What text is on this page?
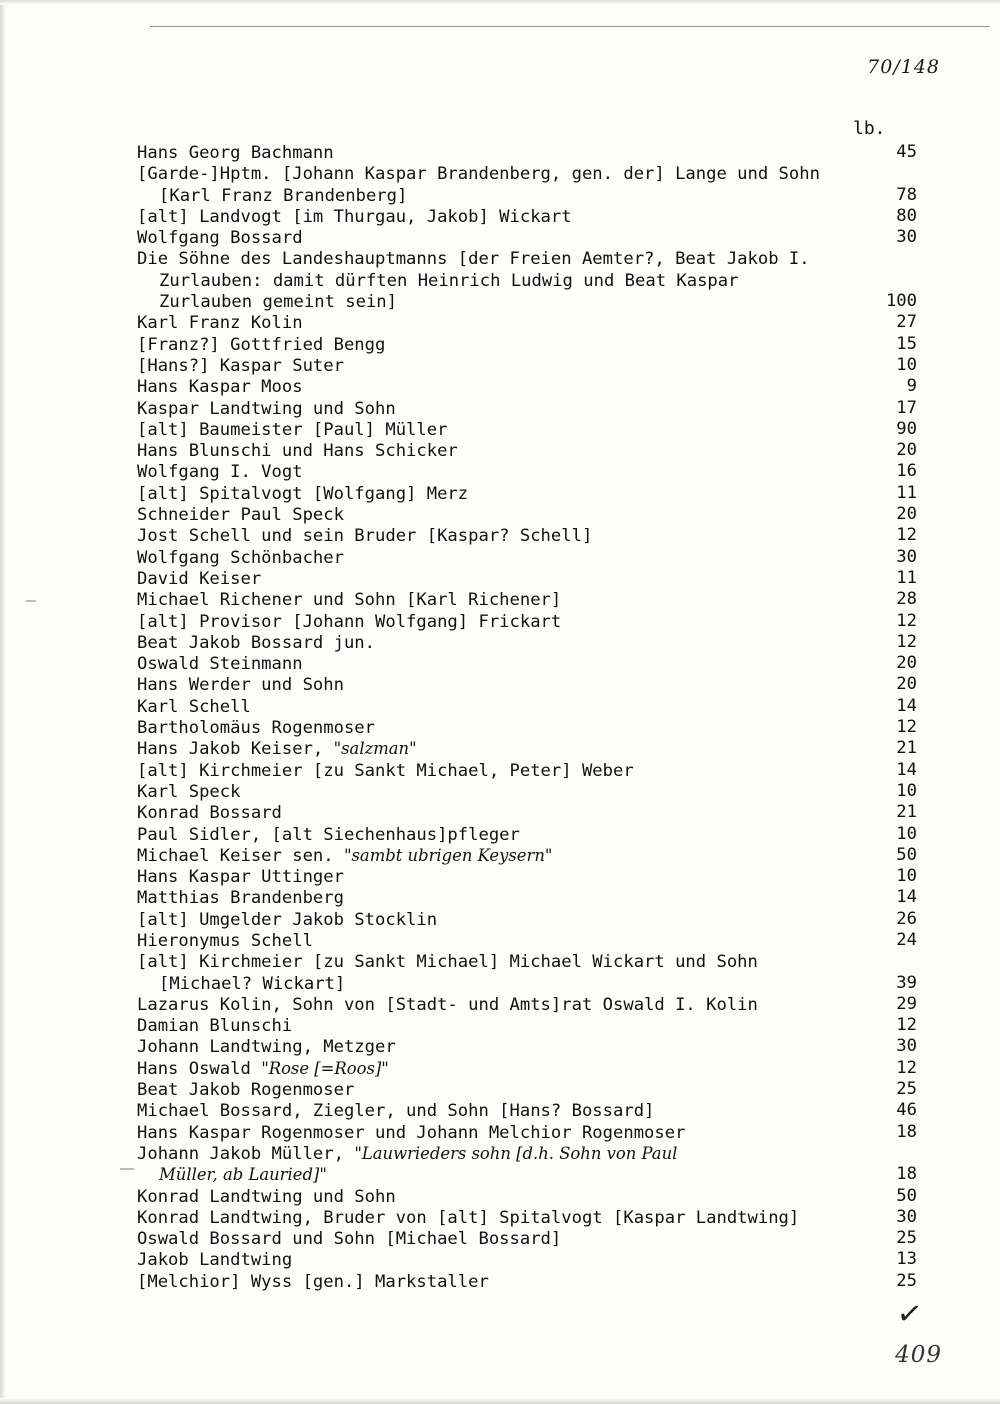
70/148
lb.
Hans Georg Bachmann	45
[Garde-]Hptm. [Johann Kaspar Brandenberg, gen. der] Lange und Sohn
[Karl Franz Brandenberg]	78
[alt] Landvogt [im Thurgau, Jakob] Wickart	80
Wolfgang Bossard	30
Die Söhne des Landeshauptmanns [der Freien Aemter?, Beat Jakob I.
Zurlauben: damit dürften Heinrich Ludwig und Beat Kaspar
Zurlauben gemeint sein]	100
Karl Franz Kolin	27
[Franz?] Gottfried Bengg	15
[Hans?] Kaspar Suter	10
Hans Kaspar Moos	9
Kaspar Landtwing und Sohn	17
[alt] Baumeister [Paul] Müller	90
Hans Blunschi und Hans Schicker	20
Wolfgang I. Vogt	16
[alt] Spitalvogt [Wolfgang] Merz	11
Schneider Paul Speck	20
Jost Schell und sein Bruder [Kaspar? Schell]	12
Wolfgang Schönbacher	30
David Keiser	11
Michael Richener und Sohn [Karl Richener]	28
[alt] Provisor [Johann Wolfgang] Frickart	12
Beat Jakob Bossard jun.	12
Oswald Steinmann	20
Hans Werder und Sohn	20
Karl Schell	14
Bartholomäus Rogenmoser	12
Hans Jakob Keiser, "salzman"	21
[alt] Kirchmeier [zu Sankt Michael, Peter] Weber	14
Karl Speck	10
Konrad Bossard	21
Paul Sidler, [alt Siechenhaus]pfleger	10
Michael Keiser sen. "sambt ubrigen Keysern"	50
Hans Kaspar Uttinger	10
Matthias Brandenberg	14
[alt] Umgelder Jakob Stocklin	26
Hieronymus Schell	24
[alt] Kirchmeier [zu Sankt Michael] Michael Wickart und Sohn
[Michael? Wickart]	39
Lazarus Kolin, Sohn von [Stadt- und Amts]rat Oswald I. Kolin	29
Damian Blunschi	12
Johann Landtwing, Metzger	30
Hans Oswald "Rose [=Roos]"	12
Beat Jakob Rogenmoser	25
Michael Bossard, Ziegler, und Sohn [Hans? Bossard]	46
Hans Kaspar Rogenmoser und Johann Melchior Rogenmoser	18
Johann Jakob Müller, "Lauwrieders sohn [d.h. Sohn von Paul
Müller, ab Lauried]"	18
Konrad Landtwing und Sohn	50
Konrad Landtwing, Bruder von [alt] Spitalvogt [Kaspar Landtwing]	30
Oswald Bossard und Sohn [Michael Bossard]	25
Jakob Landtwing	13
[Melchior] Wyss [gen.] Markstaller	25
✓
409
